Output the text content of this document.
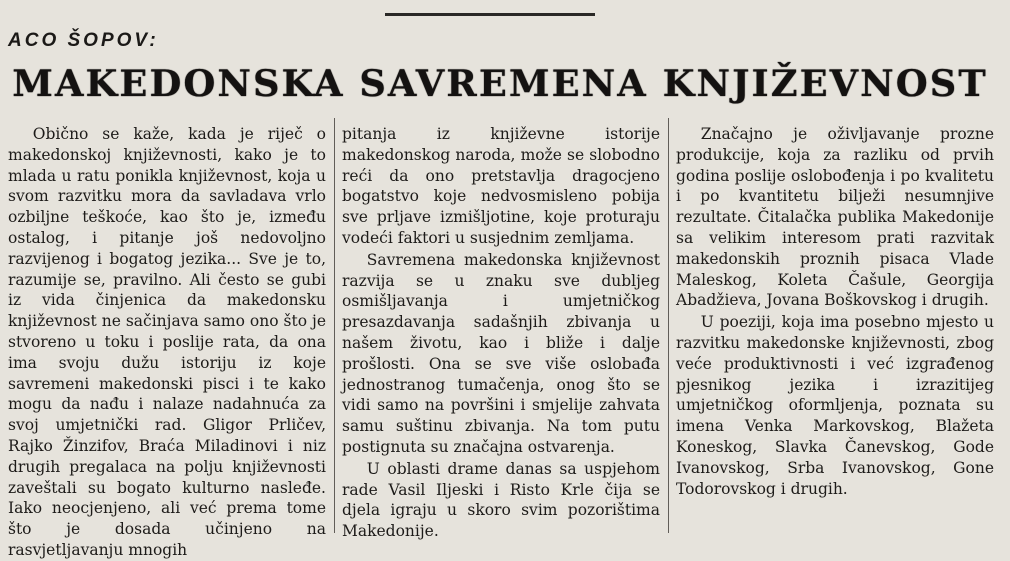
ACO ŠOPOV:
MAKEDONSKA SAVREMENA KNJIŽEVNOST

Obično se kaže, kada je riječ o makedonskoj književnosti, kako je to mlada u ratu ponikla književnost, koja u svom razvitku mora da savladava vrlo ozbiljne teškoće, kao što je, između ostalog, i pitanje još nedovoljno razvijenog i bogatog jezika... Sve je to, razumije se, pravilno. Ali često se gubi iz vida činjenica da makedonsku književnost ne sačinjava samo ono što je stvoreno u toku i poslije rata, da ona ima svoju dužu istoriju iz koje savremeni makedonski pisci i te kako mogu da nađu i nalaze nadahnuća za svoj umjetnički rad. Gligor Prličev, Rajko Žinzifov, Braća Miladinovi i niz drugih pregalaca na polju književnosti zaveštali su bogato kulturno nasleđe. Iako neocjenjeno, ali već prema tome što je dosada učinjeno na rasvjetljavanju mnogih

pitanja iz književne istorije makedonskog naroda, može se slobodno reći da ono pretstavlja dragocjeno bogatstvo koje nedvosmisleno pobija sve prljave izmišljotine, koje proturaju vodeći faktori u susjednim zemljama.

Savremena makedonska književnost razvija se u znaku sve dubljeg osmišljavanja i umjetničkog presazdavanja sadašnjih zbivanja u našem životu, kao i bliže i dalje prošlosti. Ona se sve više oslobađa jednostranog tumačenja, onog što se vidi samo na površini i smjelije zahvata samu suštinu zbivanja. Na tom putu postignuta su značajna ostvarenja.

U oblasti drame danas sa uspjehom rade Vasil Iljeski i Risto Krle čija se djela igraju u skoro svim pozorištima Makedonije.

Značajno je oživljavanje prozne produkcije, koja za razliku od prvih godina poslije oslobođenja i po kvalitetu i po kvantitetu bilježi nesumnjive rezultate. Čitalačka publika Makedonije sa velikim interesom prati razvitak makedonskih proznih pisaca Vlade Maleskog, Koleta Čašule, Georgija Abadžieva, Jovana Boškovskog i drugih.

U poeziji, koja ima posebno mjesto u razvitku makedonske književnosti, zbog veće produktivnosti i već izgrađenog pjesnikog jezika i izrazitijeg umjetničkog oformljenja, poznata su imena Venka Markovskog, Blažeta Koneskog, Slavka Čanevskog, Gode Ivanovskog, Srba Ivanovskog, Gone Todorovskog i drugih.
